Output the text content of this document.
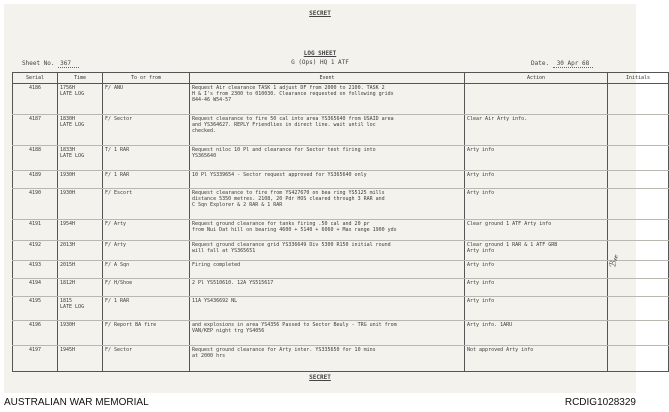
SECRET
LOG SHEET
G (Ops) HQ 1 ATF
Sheet No. 367	Date. 30 Apr 68
Serial	Time	To or from	Event	Action	Initials
4186	1756H
LATE LOG	F/ ANU	Request Air clearance TASK 1 adjust DF from 2000 to 2100. TASK 2
H & I's from 2300 to 010030. Clearance requested on following grids
844-46 W54-57		
4187	1830H
LATE LOG	F/ Sector	Request clearance to fire 50 cal into area YS365640 from USAID area
and YS364627. REPLY Friendlies in direct line. wait until loc
checked.	Clear Air Arty info.	
4188	1833H
LATE LOG	T/ 1 RAR	Request niloc 10 Pl and clearance for Sector test firing into
YS365640	Arty info	
4189	1930H	F/ 1 RAR	10 Pl YS339654 - Sector request approved for YS365640 only	Arty info	
4190	1930H	F/ Escort	Request clearance to fire from YS427670 on bea ring YS5125 mills
distance 5350 metres. 2108, 20 Pdr HOS cleared through 3 RAR and
C Sqn Explorer & 2 RAR & 1 RAR	Arty info	
4191	1954H	F/ Arty	Request ground clearance for tanks firing .50 cal and 20 pr
from Nui Dat hill on bearing 4600 + 5140 + 6060 + Max range 1900 yds	Clear ground 1 ATF Arty info	
4192	2013H	F/ Arty	Request ground clearance grid YS336649 Div 5300 R150 initial round
will fall at YS365651	Clear ground 1 RAR & 1 ATF GRB
Arty info	
4193	2015H	F/ A Sqn	Firing completed	Arty info	
4194	1812H	F/ H/Shoe	2 Pl YS510610. 12A YS515617	Arty info	
4195	1815
LATE LOG	F/ 1 RAR	11A YS436692 NL	Arty info	
4196	1930H	F/ Report BA fire	and explosions in area YS4356 Passed to Sector Beuly - TRG unit from
VAN/KEP night trg YS4056	Arty info. 1ARU	
4197	1945H	F/ Sector	Request ground clearance for Arty inter. YS335650 for 10 mins
at 2000 hrs	Not approved Arty info	
ℬ𝓌
SECRET
AUSTRALIAN WAR MEMORIAL	RCDIG1028329
